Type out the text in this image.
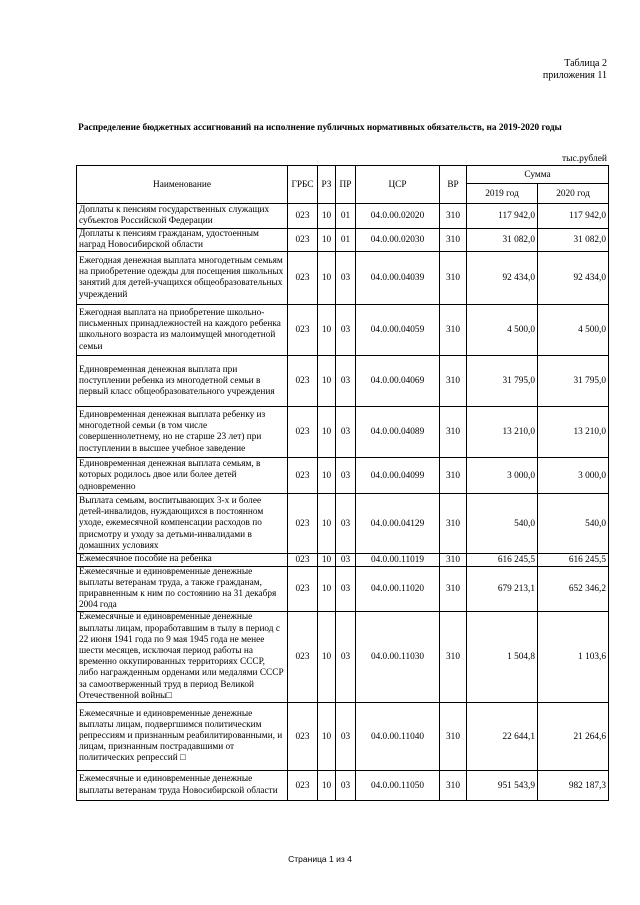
Таблица 2
приложения 11
Распределение бюджетных ассигнований на исполнение публичных нормативных обязательств, на 2019-2020 годы
тыс.рублей
Наименование	ГРБС	РЗ	ПР	ЦСР	ВР	Сумма	
						2019 год	2020 год
Доплаты к пенсиям государственных служащих субъектов Российской Федерации	023	10	01	04.0.00.02020	310	117 942,0	117 942,0
Доплаты к пенсиям гражданам, удостоенным наград Новосибирской области	023	10	01	04.0.00.02030	310	31 082,0	31 082,0
Ежегодная денежная выплата многодетным семьям на приобретение одежды для посещения школьных занятий для детей-учащихся общеобразовательных учреждений	023	10	03	04.0.00.04039	310	92 434,0	92 434,0
Ежегодная выплата на приобретение школьно-письменных принадлежностей на каждого ребенка школьного возраста из малоимущей многодетной семьи	023	10	03	04.0.00.04059	310	4 500,0	4 500,0
Единовременная денежная выплата при поступлении ребенка из многодетной семьи в первый класс общеобразовательного учреждения	023	10	03	04.0.00.04069	310	31 795,0	31 795,0
Единовременная денежная выплата ребенку из многодетной семьи (в том числе совершеннолетнему, но не старше 23 лет) при поступлении в высшее учебное заведение	023	10	03	04.0.00.04089	310	13 210,0	13 210,0
Единовременная денежная выплата семьям, в которых родилось двое или более детей одновременно	023	10	03	04.0.00.04099	310	3 000,0	3 000,0
Выплата семьям, воспитывающих 3-х и более детей-инвалидов, нуждающихся в постоянном уходе, ежемесячной компенсации расходов по присмотру и уходу за детьми-инвалидами в домашних условиях	023	10	03	04.0.00.04129	310	540,0	540,0
Ежемесячное пособие на ребенка	023	10	03	04.0.00.11019	310	616 245,5	616 245,5
Ежемесячные и единовременные денежные выплаты ветеранам труда, а также гражданам, приравненным к ним по состоянию на 31 декабря 2004 года	023	10	03	04.0.00.11020	310	679 213,1	652 346,2
Ежемесячные и единовременные денежные выплаты лицам, проработавшим в тылу в период с 22 июня 1941 года по 9 мая 1945 года не менее шести месяцев, исключая период работы на временно оккупированных территориях СССР, либо награжденным орденами или медалями СССР за самоотверженный труд в период Великой Отечественной войны□	023	10	03	04.0.00.11030	310	1 504,8	1 103,6
Ежемесячные и единовременные денежные выплаты лицам, подвергшимся политическим репрессиям и признанным реабилитированными, и лицам, признанным пострадавшими от политических репрессий □	023	10	03	04.0.00.11040	310	22 644,1	21 264,6
Ежемесячные и единовременные денежные выплаты ветеранам труда Новосибирской области	023	10	03	04.0.00.11050	310	951 543,9	982 187,3
Страница 1 из 4
